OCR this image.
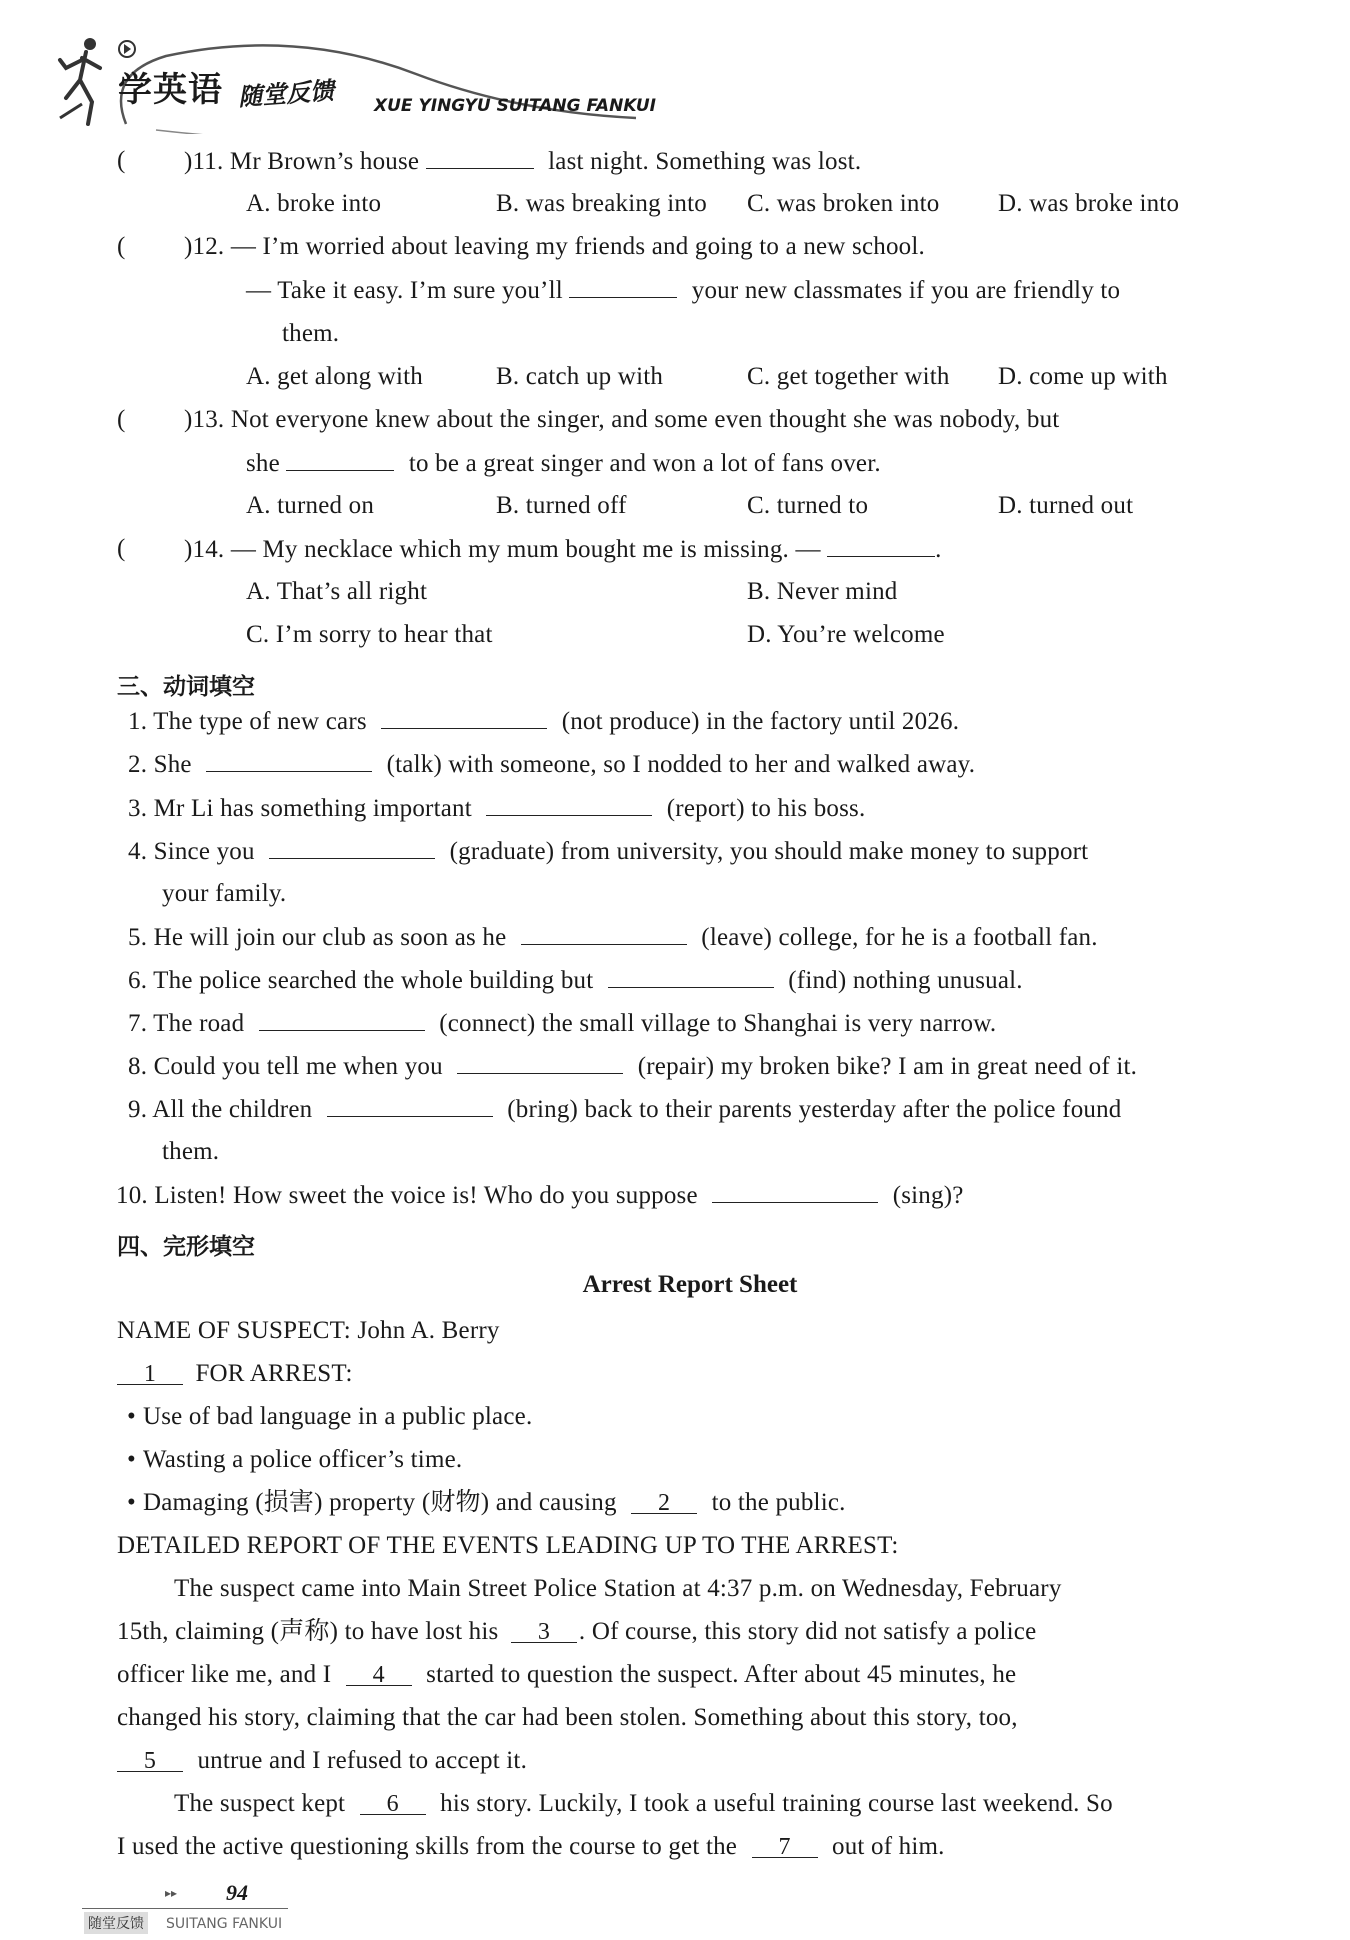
学英语 随堂反馈 XUE YINGYU SUITANG FANKUI
( )11. Mr Brown’s house	last night. Something was lost.
A. broke into	B. was breaking into C. was broken into D. was broke into
( )12. — I’m worried about leaving my friends and going to a new school.
— Take it easy. I’m sure you’ll	your new classmates if you are friendly to
them.
A. get along with	B. catch up with	C. get together with D. come up with
( )13. Not everyone knew about the singer, and some even thought she was nobody, but
she	to be a great singer and won a lot of fans over.
A. turned on	B. turned off	C. turned to	D. turned out
( )14. — My necklace which my mum bought me is missing. —	.
A. That’s all right	B. Never mind
C. I’m sorry to hear that	D. You’re welcome
三、动词填空
1. The type of new cars	(not produce) in the factory until 2026.
2. She	(talk) with someone, so I nodded to her and walked away.
3. Mr Li has something important	(report) to his boss.
4. Since you	(graduate) from university, you should make money to support
your family.
5. He will join our club as soon as he	(leave) college, for he is a football fan.
6. The police searched the whole building but	(find) nothing unusual.
7. The road	(connect) the small village to Shanghai is very narrow.
8. Could you tell me when you	(repair) my broken bike? I am in great need of it.
9. All the children	(bring) back to their parents yesterday after the police found
them.
10. Listen! How sweet the voice is! Who do you suppose	(sing)?
四、完形填空
Arrest Report Sheet
NAME OF SUSPECT: John A. Berry
1 FOR ARREST:
• Use of bad language in a public place.
• Wasting a police officer’s time.
• Damaging (损害) property (财物) and causing 2 to the public.
DETAILED REPORT OF THE EVENTS LEADING UP TO THE ARREST:
The suspect came into Main Street Police Station at 4:37 p.m. on Wednesday, February
15th, claiming (声称) to have lost his 3 . Of course, this story did not satisfy a police
officer like me, and I 4 started to question the suspect. After about 45 minutes, he
changed his story, claiming that the car had been stolen. Something about this story, too,
5 untrue and I refused to accept it.
The suspect kept 6 his story. Luckily, I took a useful training course last weekend. So
I used the active questioning skills from the course to get the 7 out of him.
▸▸ 94
随堂反馈 SUITANG FANKUI
